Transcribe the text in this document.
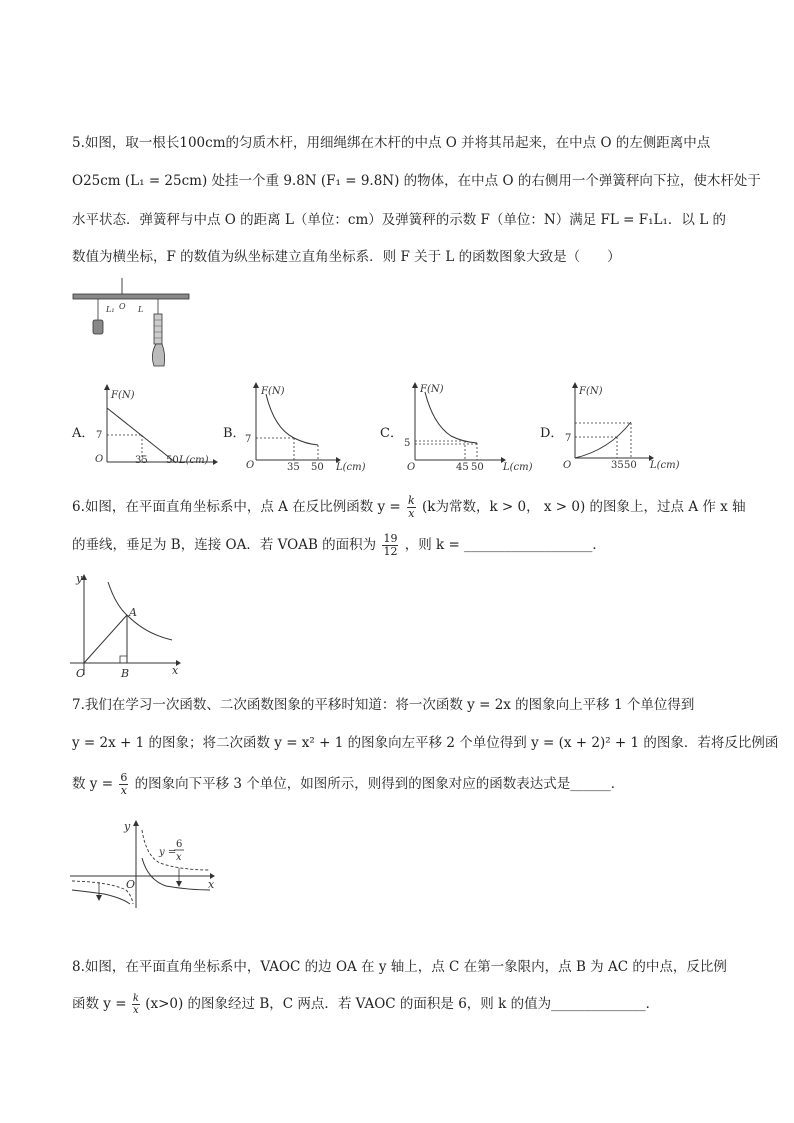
5.如图，取一根长100cm的匀质木杆，用细绳绑在木杆的中点 O 并将其吊起来，在中点 O 的左侧距离中点
O25cm (L₁ = 25cm) 处挂一个重 9.8N (F₁ = 9.8N) 的物体，在中点 O 的右侧用一个弹簧秤向下拉，使木杆处于
水平状态．弹簧秤与中点 O 的距离 L（单位：cm）及弹簧秤的示数 F（单位：N）满足 FL = F₁L₁．以 L 的
数值为横坐标，F 的数值为纵坐标建立直角坐标系．则 F 关于 L 的函数图象大致是（　　）
L₁ O L
A．
F(N)
7
O	35 50 L(cm)
B．
F(N)
7
O	35 50 L(cm)
C．
F(N)
5
O	45 50 L(cm)
D．
F(N)
7
O	35 50 L(cm)
6.如图，在平面直角坐标系中，点 A 在反比例函数 $y = \frac{k}{x} (k$为常数，k > 0， x > 0) 的图象上，过点 A 作 x 轴
的垂线，垂足为 B，连接 OA．若 VOAB 的面积为 $\frac{19}{12}$ ，则 k = ___________________．
y
x
O
A
B
7.我们在学习一次函数、二次函数图象的平移时知道：将一次函数 y = 2x 的图象向上平移 1 个单位得到
y = 2x + 1 的图象；将二次函数 y = x² + 1 的图象向左平移 2 个单位得到 y = (x + 2)² + 1 的图象．若将反比例函
数 $y = \frac{6}{x}$ 的图象向下平移 3 个单位，如图所示，则得到的图象对应的函数表达式是______．
y
x
O
y =
6
x
8.如图，在平面直角坐标系中，VAOC 的边 OA 在 y 轴上，点 C 在第一象限内，点 B 为 AC 的中点，反比例
函数 $y = \frac{k}{x} (x>0)$ 的图象经过 B，C 两点．若 VAOC 的面积是 6，则 k 的值为______________．
